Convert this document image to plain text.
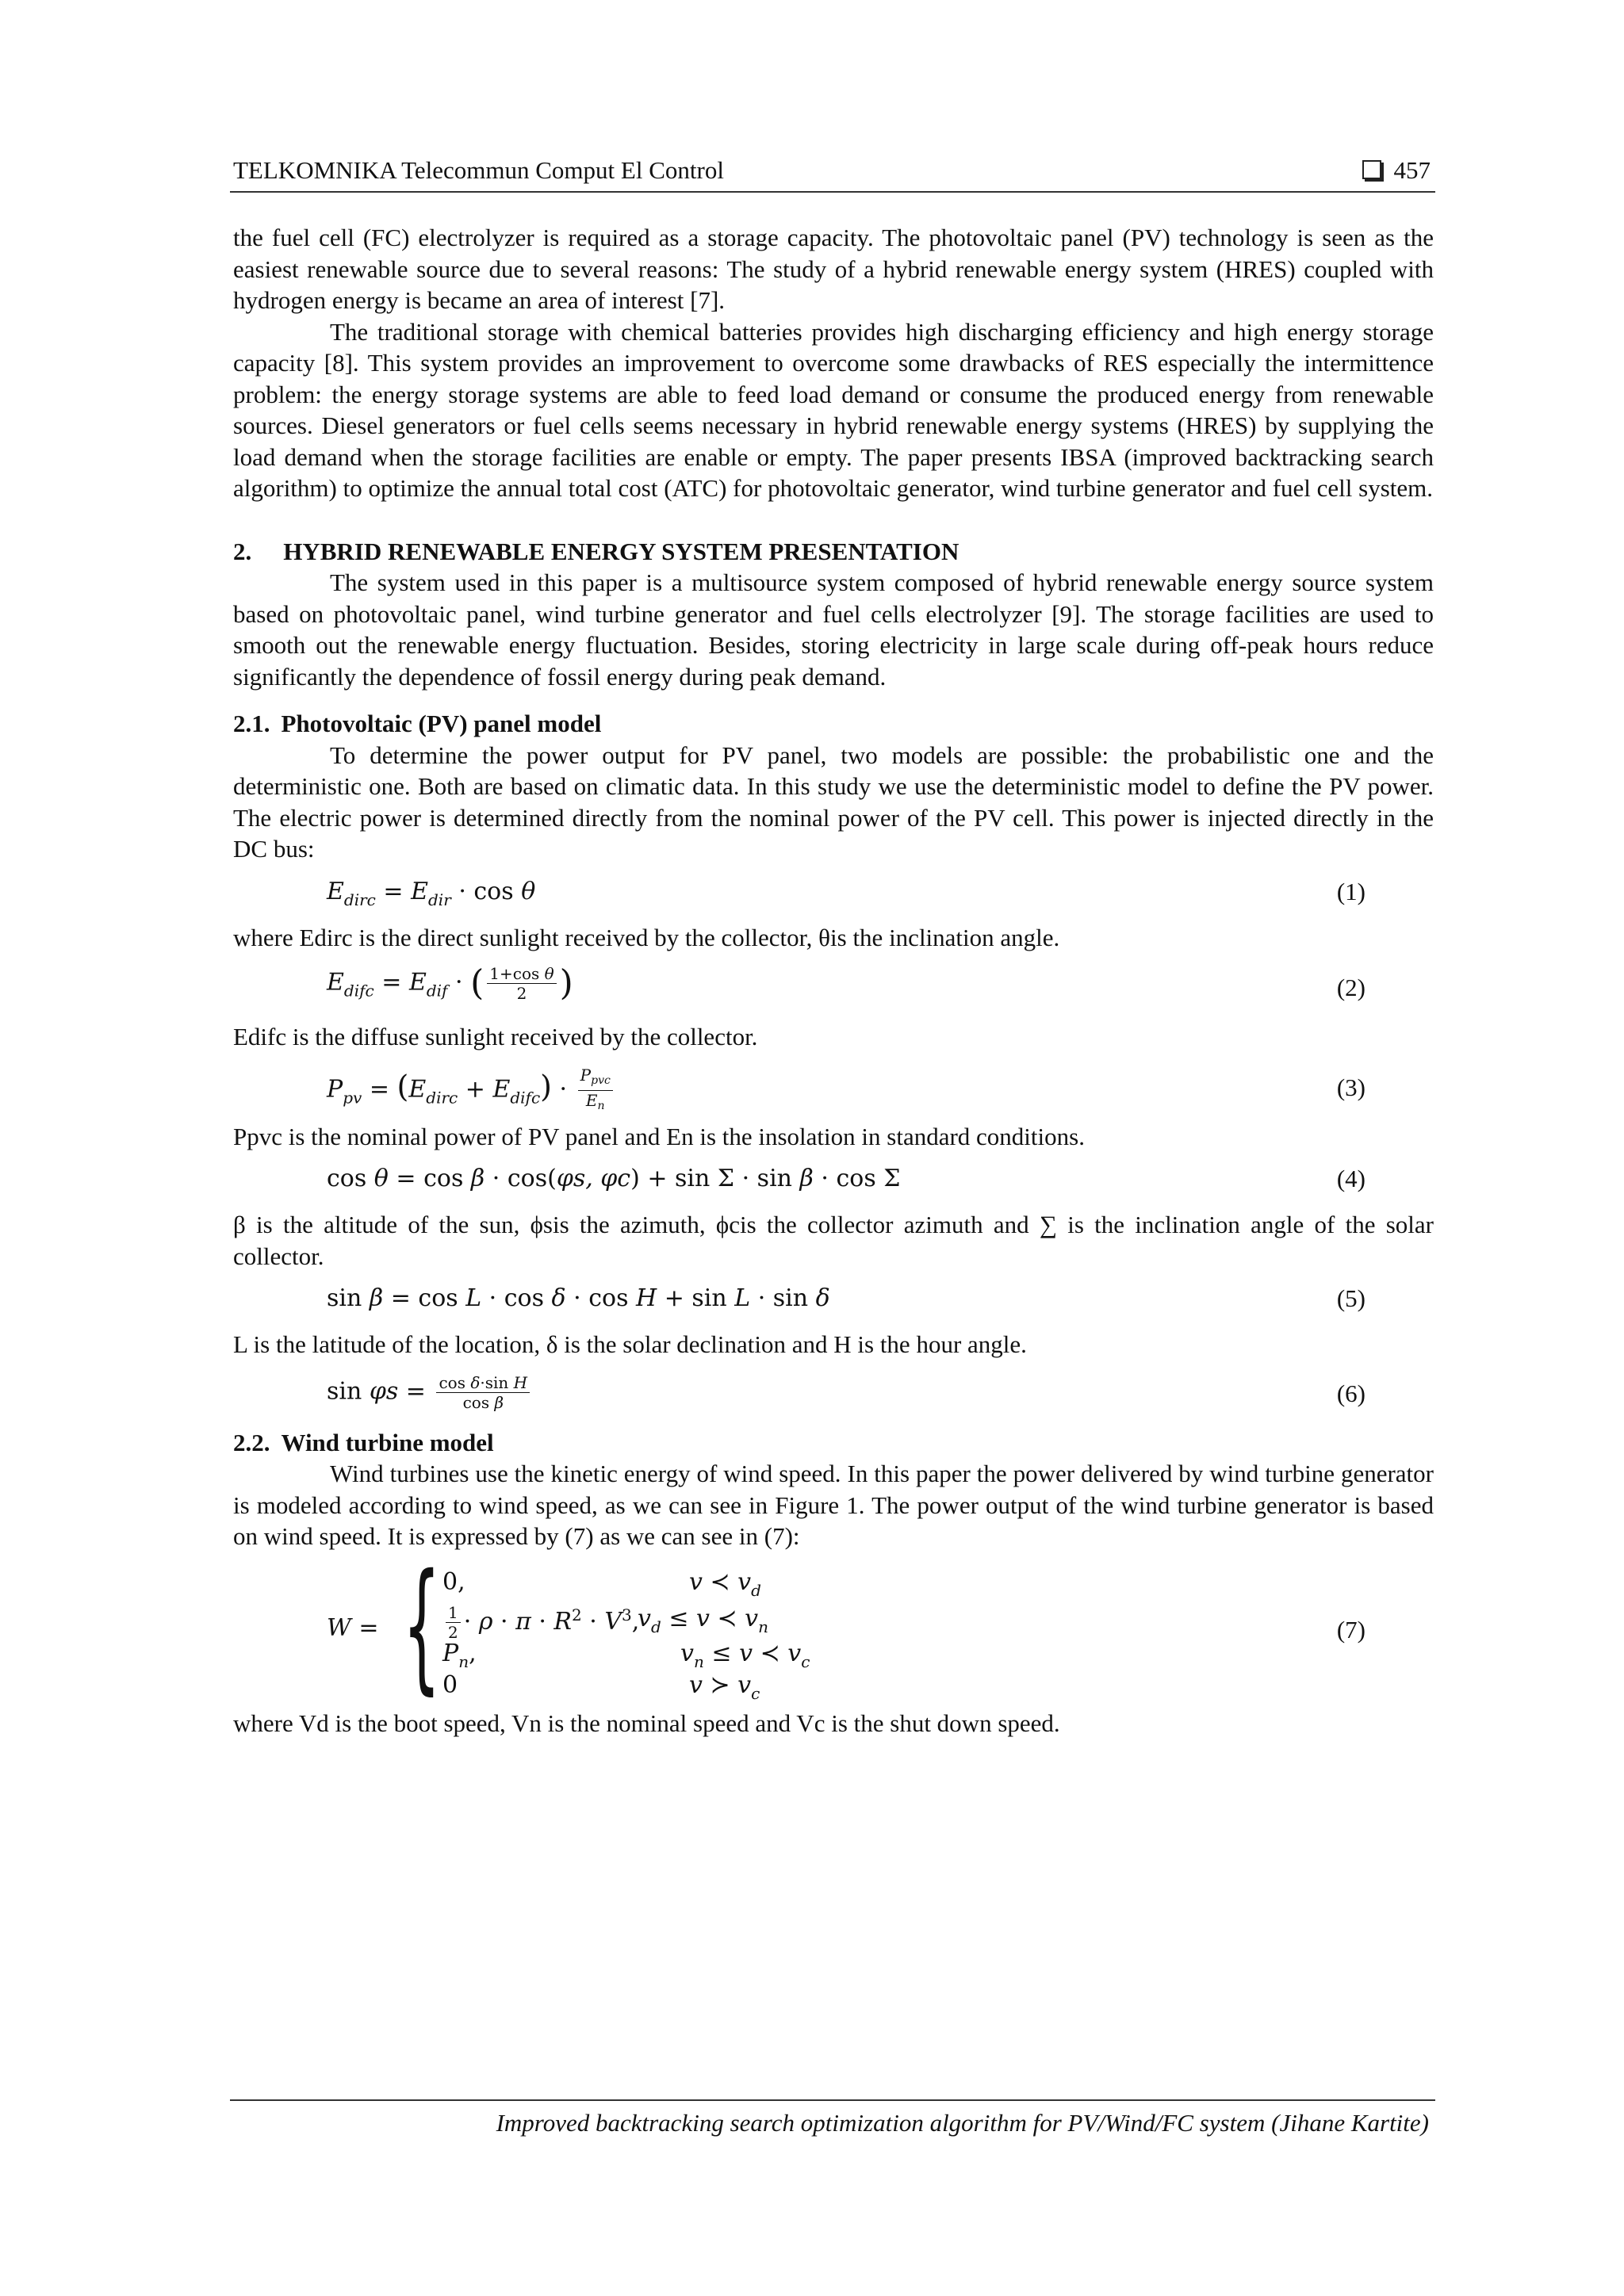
TELKOMNIKA Telecommun Comput El Control	457

the fuel cell (FC) electrolyzer is required as a storage capacity. The photovoltaic panel (PV) technology is seen as the easiest renewable source due to several reasons: The study of a hybrid renewable energy system (HRES) coupled with hydrogen energy is became an area of interest [7].

The traditional storage with chemical batteries provides high discharging efficiency and high energy storage capacity [8]. This system provides an improvement to overcome some drawbacks of RES especially the intermittence problem: the energy storage systems are able to feed load demand or consume the produced energy from renewable sources. Diesel generators or fuel cells seems necessary in hybrid renewable energy systems (HRES) by supplying the load demand when the storage facilities are enable or empty. The paper presents IBSA (improved backtracking search algorithm) to optimize the annual total cost (ATC) for photovoltaic generator, wind turbine generator and fuel cell system.

2. HYBRID RENEWABLE ENERGY SYSTEM PRESENTATION

The system used in this paper is a multisource system composed of hybrid renewable energy source system based on photovoltaic panel, wind turbine generator and fuel cells electrolyzer [9]. The storage facilities are used to smooth out the renewable energy fluctuation. Besides, storing electricity in large scale during off-peak hours reduce significantly the dependence of fossil energy during peak demand.

2.1. Photovoltaic (PV) panel model

To determine the power output for PV panel, two models are possible: the probabilistic one and the deterministic one. Both are based on climatic data. In this study we use the deterministic model to define the PV power. The electric power is determined directly from the nominal power of the PV cell. This power is injected directly in the DC bus:

$E_{dirc} = E_{dir} \cdot \cos \theta$	(1)

where Edirc is the direct sunlight received by the collector, θis the inclination angle.

$E_{difc} = E_{dif}$ · ( $\frac{\text{1+cos θ}}{2}$ )	(2)

Edifc is the diffuse sunlight received by the collector.

$P_{pv} = (E_{dirc} + E_{difc}) \cdot \frac{P_{pvc}}{E_n}$	(3)

Ppvc is the nominal power of PV panel and En is the insolation in standard conditions.

cos θ = cos β · cos(φs, φc) + sin Σ · sin β · cos Σ	(4)

β is the altitude of the sun, ϕsis the azimuth, ϕcis the collector azimuth and ∑ is the inclination angle of the solar collector.

sin β = cos L · cos δ · cos H + sin L · sin δ	(5)

L is the latitude of the location, δ is the solar declination and H is the hour angle.

$\sin \varphi s = \frac{\text{cos δ·sin H}}{\text{cos β}}$	(6)
2.2. Wind turbine model

Wind turbines use the kinetic energy of wind speed. In this paper the power delivered by wind turbine generator is modeled according to wind speed, as we can see in Figure 1. The power output of the wind turbine generator is based on wind speed. It is expressed by (7) as we can see in (7):

W = { 0,	v ≺ $v_d$
$\frac{1}{2} \cdot \rho \cdot \pi \cdot R^2 \cdot V^3$,
$v_d \le v$ ≺ $v_n$
$P_n$,	$v_n \le v$ ≺ $v_c$
0	v ≻ $v_c$
(7)

where Vd is the boot speed, Vn is the nominal speed and Vc is the shut down speed.

Improved backtracking search optimization algorithm for PV/Wind/FC system (Jihane Kartite)
